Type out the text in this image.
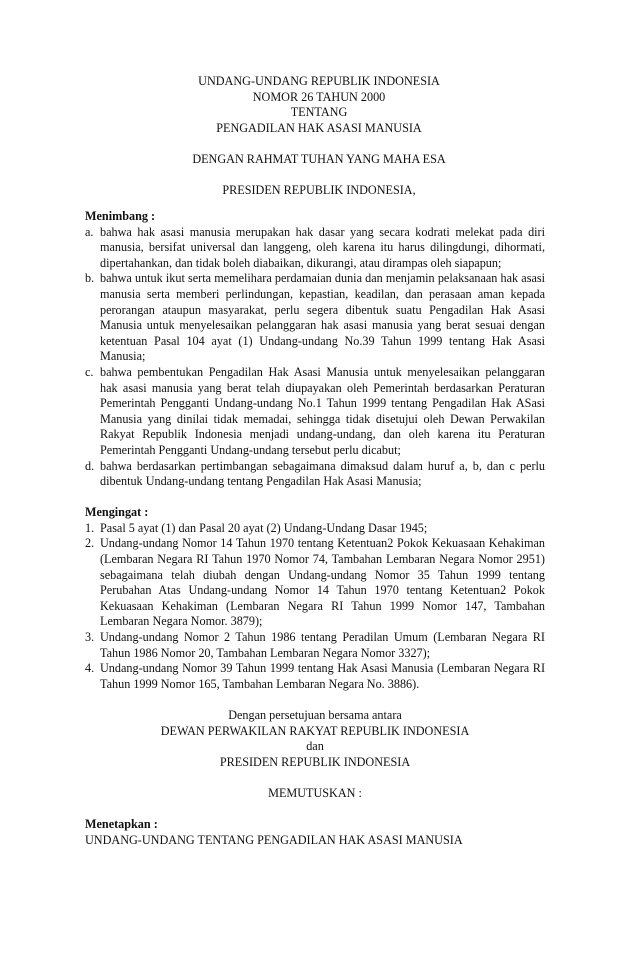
UNDANG-UNDANG REPUBLIK INDONESIA
NOMOR 26 TAHUN 2000
TENTANG
PENGADILAN HAK ASASI MANUSIA
DENGAN RAHMAT TUHAN YANG MAHA ESA
PRESIDEN REPUBLIK INDONESIA,

Menimbang :

a. bahwa hak asasi manusia merupakan hak dasar yang secara kodrati melekat pada diri manusia, bersifat universal dan langgeng, oleh karena itu harus dilingdungi, dihormati, dipertahankan, dan tidak boleh diabaikan, dikurangi, atau dirampas oleh siapapun;
b. bahwa untuk ikut serta memelihara perdamaian dunia dan menjamin pelaksanaan hak asasi manusia serta memberi perlindungan, kepastian, keadilan, dan perasaan aman kepada perorangan ataupun masyarakat, perlu segera dibentuk suatu Pengadilan Hak Asasi Manusia untuk menyelesaikan pelanggaran hak asasi manusia yang berat sesuai dengan ketentuan Pasal 104 ayat (1) Undang-undang No.39 Tahun 1999 tentang Hak Asasi Manusia;
c. bahwa pembentukan Pengadilan Hak Asasi Manusia untuk menyelesaikan pelanggaran hak asasi manusia yang berat telah diupayakan oleh Pemerintah berdasarkan Peraturan Pemerintah Pengganti Undang-undang No.1 Tahun 1999 tentang Pengadilan Hak ASasi Manusia yang dinilai tidak memadai, sehingga tidak disetujui oleh Dewan Perwakilan Rakyat Republik Indonesia menjadi undang-undang, dan oleh karena itu Peraturan Pemerintah Pengganti Undang-undang tersebut perlu dicabut;
d. bahwa berdasarkan pertimbangan sebagaimana dimaksud dalam huruf a, b, dan c perlu dibentuk Undang-undang tentang Pengadilan Hak Asasi Manusia;

Mengingat :

1. Pasal 5 ayat (1) dan Pasal 20 ayat (2) Undang-Undang Dasar 1945;
2. Undang-undang Nomor 14 Tahun 1970 tentang Ketentuan2 Pokok Kekuasaan Kehakiman (Lembaran Negara RI Tahun 1970 Nomor 74, Tambahan Lembaran Negara Nomor 2951) sebagaimana telah diubah dengan Undang-undang Nomor 35 Tahun 1999 tentang Perubahan Atas Undang-undang Nomor 14 Tahun 1970 tentang Ketentuan2 Pokok Kekuasaan Kehakiman (Lembaran Negara RI Tahun 1999 Nomor 147, Tambahan Lembaran Negara Nomor. 3879);
3. Undang-undang Nomor 2 Tahun 1986 tentang Peradilan Umum (Lembaran Negara RI Tahun 1986 Nomor 20, Tambahan Lembaran Negara Nomor 3327);
4. Undang-undang Nomor 39 Tahun 1999 tentang Hak Asasi Manusia (Lembaran Negara RI Tahun 1999 Nomor 165, Tambahan Lembaran Negara No. 3886).
Dengan persetujuan bersama antara
DEWAN PERWAKILAN RAKYAT REPUBLIK INDONESIA
dan
PRESIDEN REPUBLIK INDONESIA
MEMUTUSKAN :

Menetapkan :

UNDANG-UNDANG TENTANG PENGADILAN HAK ASASI MANUSIA
